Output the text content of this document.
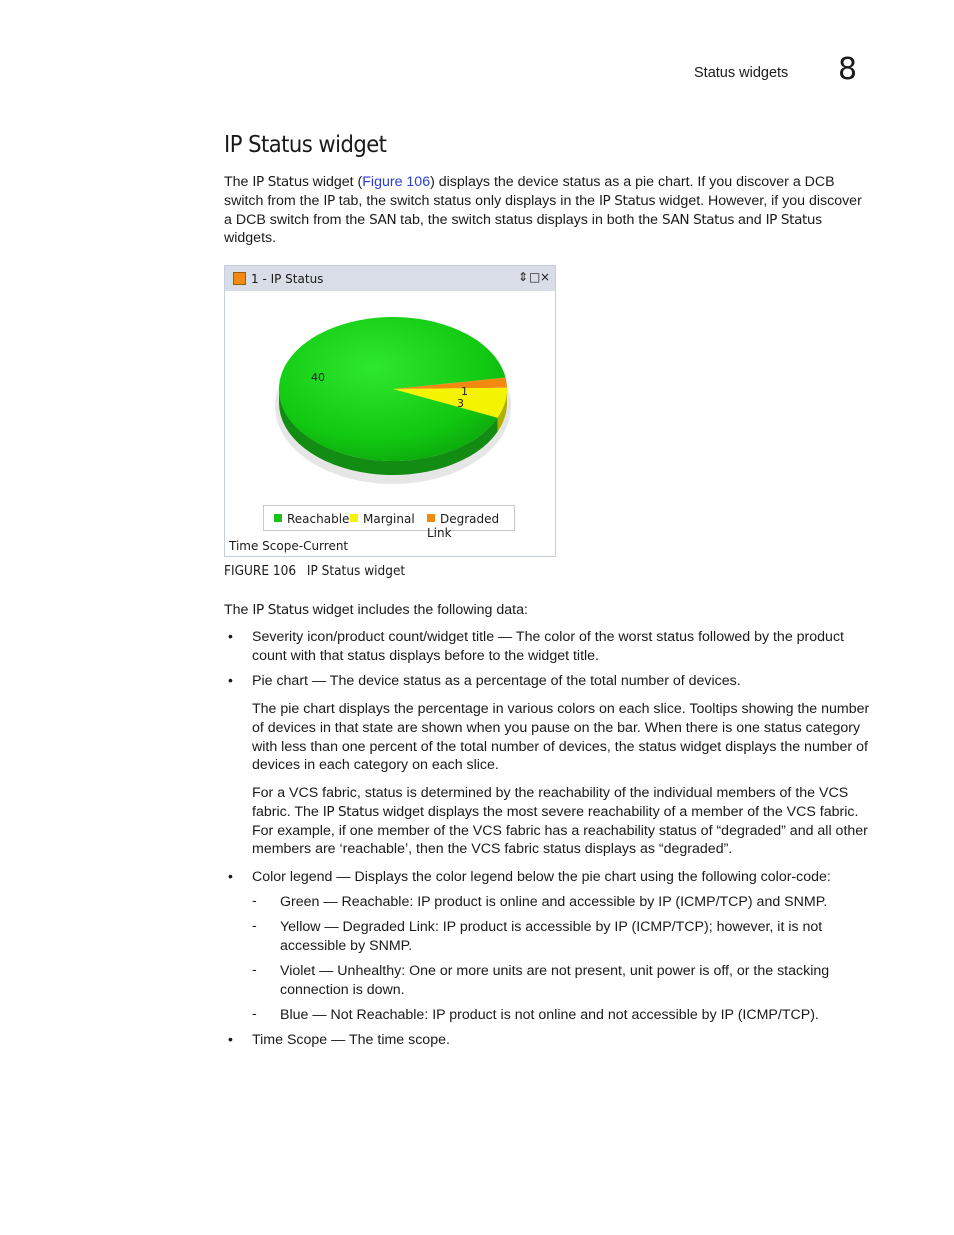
Status widgets 8
IP Status widget
The IP Status widget (Figure 106) displays the device status as a pie chart. If you discover a DCB switch from the IP tab, the switch status only displays in the IP Status widget. However, if you discover a DCB switch from the SAN tab, the switch status displays in both the SAN Status and IP Status widgets.
1 - IP Status	⇕□×
40
3
1
Reachable	Marginal	Degraded Link
Time Scope-Current
FIGURE 106 IP Status widget
The IP Status widget includes the following data:
• Severity icon/product count/widget title — The color of the worst status followed by the product count with that status displays before to the widget title.
• Pie chart — The device status as a percentage of the total number of devices.
The pie chart displays the percentage in various colors on each slice. Tooltips showing the number of devices in that state are shown when you pause on the bar. When there is one status category with less than one percent of the total number of devices, the status widget displays the number of devices in each category on each slice.
For a VCS fabric, status is determined by the reachability of the individual members of the VCS fabric. The IP Status widget displays the most severe reachability of a member of the VCS fabric. For example, if one member of the VCS fabric has a reachability status of “degraded” and all other members are ‘reachable’, then the VCS fabric status displays as “degraded”.
• Color legend — Displays the color legend below the pie chart using the following color-code:
- Green — Reachable: IP product is online and accessible by IP (ICMP/TCP) and SNMP.
- Yellow — Degraded Link: IP product is accessible by IP (ICMP/TCP); however, it is not accessible by SNMP.
- Violet — Unhealthy: One or more units are not present, unit power is off, or the stacking connection is down.
- Blue — Not Reachable: IP product is not online and not accessible by IP (ICMP/TCP).
• Time Scope — The time scope.
